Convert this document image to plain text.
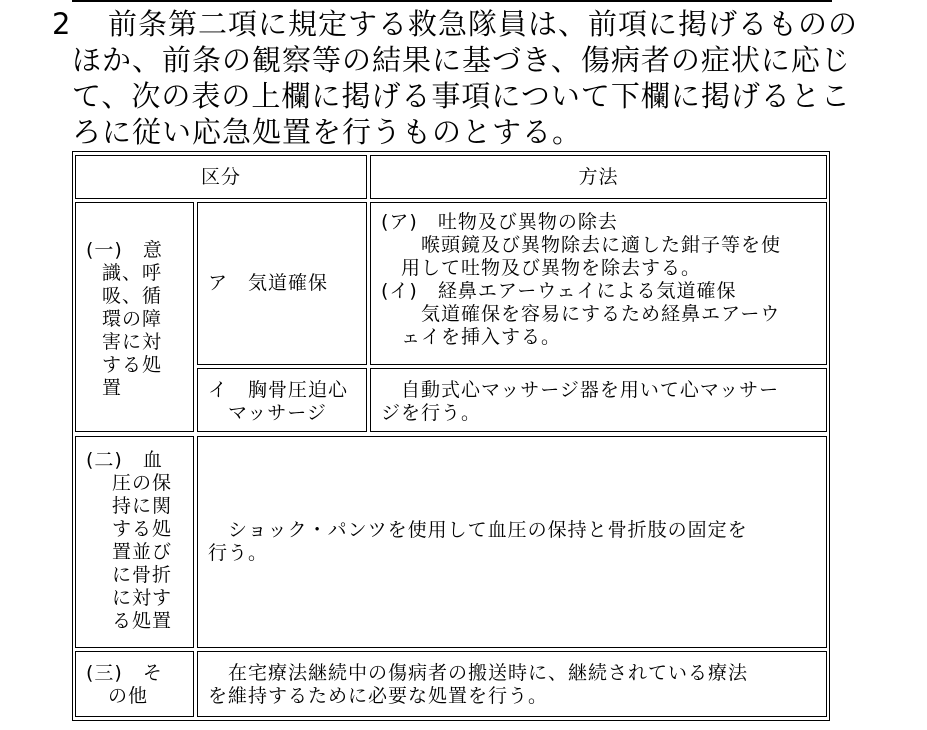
2 前条第二項に規定する救急隊員は、前項に掲げるものの
ほか、前条の観察等の結果に基づき、傷病者の症状に応じ
て、次の表の上欄に掲げる事項について下欄に掲げるとこ
ろに従い応急処置を行うものとする。
区分	方法
(一)　意
識、呼
吸、循
環の障
害に対
する処
置
ア　気道確保
(ア)　吐物及び異物の除去
　　喉頭鏡及び異物除去に適した鉗子等を使
　用して吐物及び異物を除去する。
(イ)　経鼻エアーウェイによる気道確保
　　気道確保を容易にするため経鼻エアーウ
　ェイを挿入する。
イ　胸骨圧迫心
　マッサージ
　自動式心マッサージ器を用いて心マッサー
ジを行う。
(二)　血
圧の保
持に関
する処
置並び
に骨折
に対す
る処置
　ショック・パンツを使用して血圧の保持と骨折肢の固定を
行う。
(三)　そ
の他
　在宅療法継続中の傷病者の搬送時に、継続されている療法
を維持するために必要な処置を行う。
